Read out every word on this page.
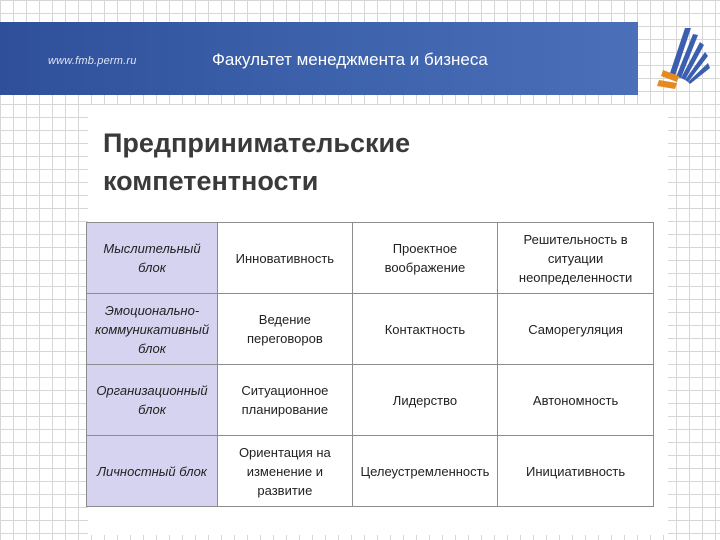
www.fmb.perm.ru	Факультет менеджмента и бизнеса
Предпринимательские
компетентности
Мыслительный блок	Инновативность	Проектное воображение	Решительность в ситуации неопределенности
Эмоционально-коммуникативный блок	Ведение переговоров	Контактность	Саморегуляция
Организационный блок	Ситуационное планирование	Лидерство	Автономность
Личностный блок	Ориентация на изменение и развитие	Целеустремленность	Инициативность
